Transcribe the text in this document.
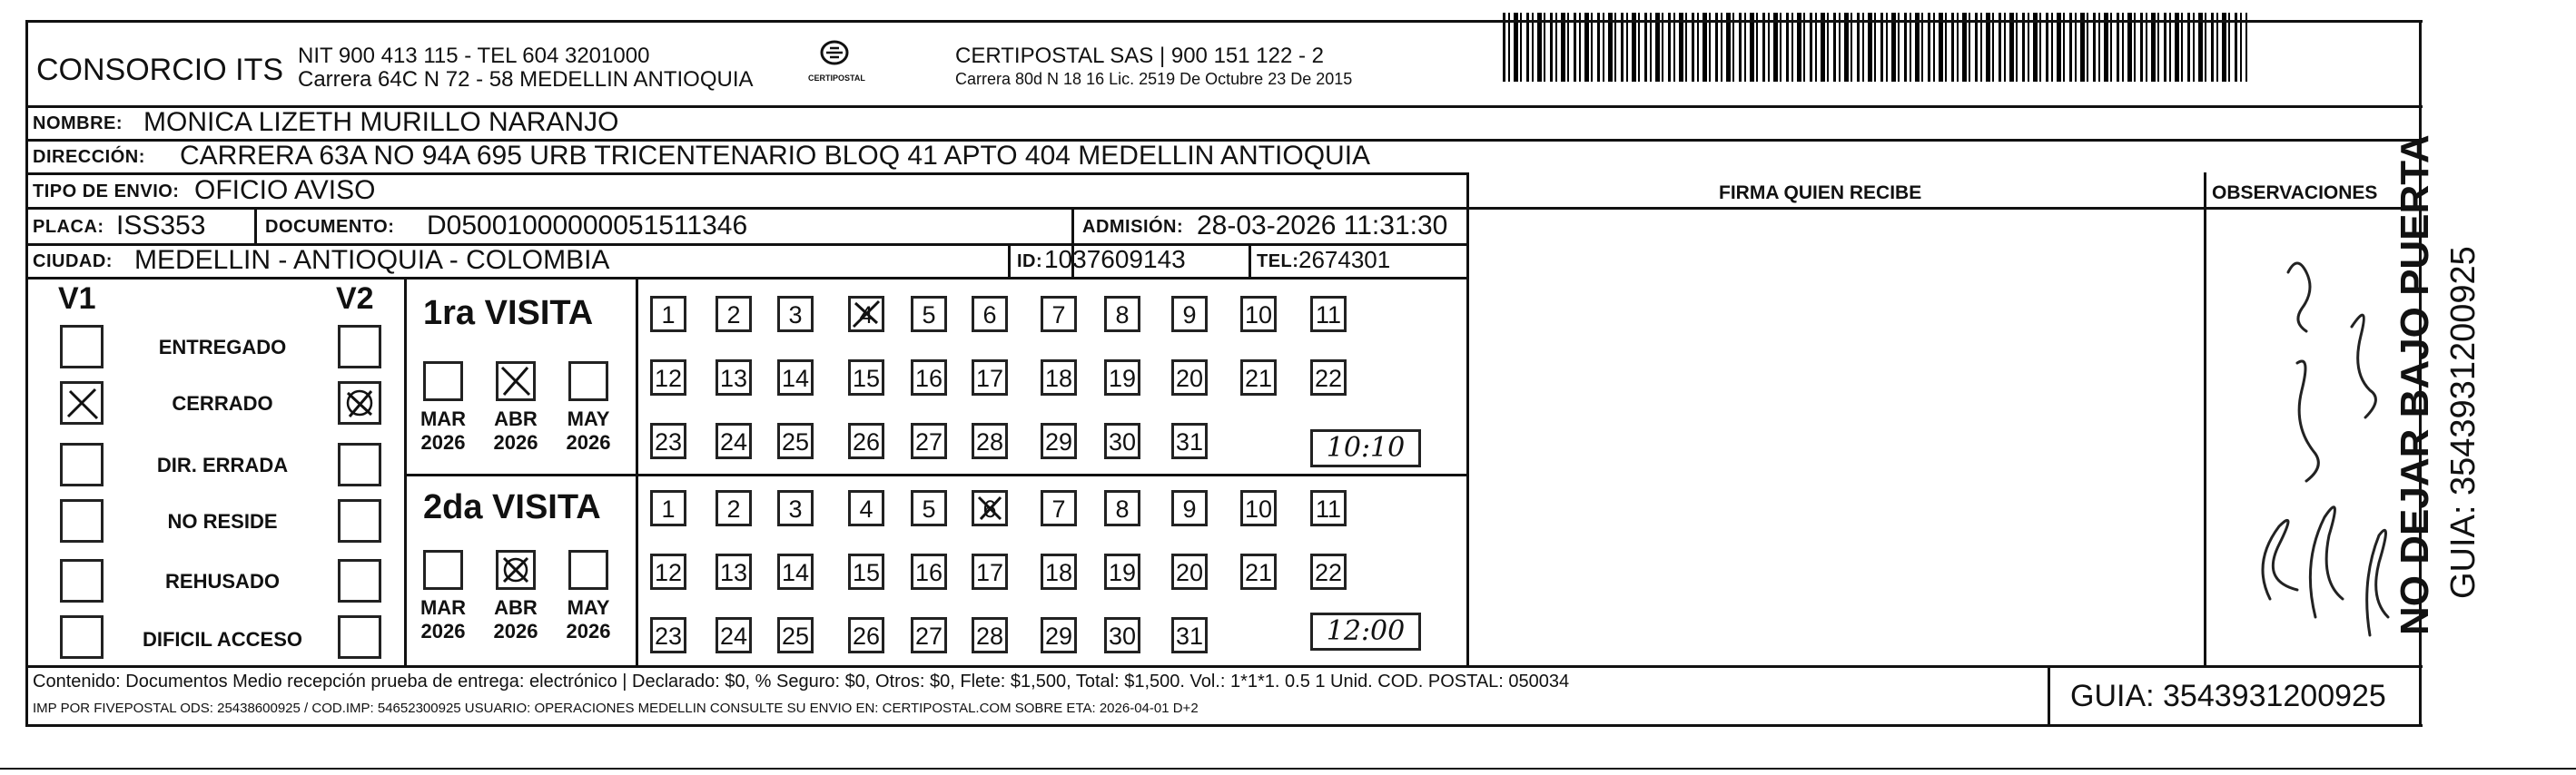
CONSORCIO ITS NIT 900 413 115 - TEL 604 3201000
Carrera 64C N 72 - 58 MEDELLIN ANTIOQUIA	CERTIPOSTAL
CERTIPOSTAL SAS | 900 151 122 - 2
Carrera 80d N 18 16 Lic. 2519 De Octubre 23 De 2015
NOMBRE: MONICA LIZETH MURILLO NARANJO
DIRECCIÓN: CARRERA 63A NO 94A 695 URB TRICENTENARIO BLOQ 41 APTO 404 MEDELLIN ANTIOQUIA
TIPO DE ENVIO: OFICIO AVISO
PLACA: ISS353	DOCUMENTO: D05001000000051511346	ADMISIÓN: 28-03-2026 11:31:30
CIUDAD: MEDELLIN - ANTIOQUIA - COLOMBIA	ID: 1037609143	TEL: 2674301
FIRMA QUIEN RECIBE	OBSERVACIONES
V1	V2
ENTREGADO
CERRADO
DIR. ERRADA
NO RESIDE
REHUSADO
DIFICIL ACCESO
1ra VISITA
2da VISITA
MAR ABR MAY
2026 2026 2026
MAR ABR MAY
2026 2026 2026
1	2	3	4	5	6	7	8	9	10 11
12 13 14 15 16 17 18 19 20 21 22
23 24 25 26 27 28 29 30 31
1	2	3	4	5	6	7	8	9	10 11
12 13 14 15 16 17 18 19 20 21 22
23 24 25 26 27 28 29 30 31
10:10
12:00	NO DEJAR BAJO PUERTA GUIA: 3543931200925
Contenido: Documentos Medio recepción prueba de entrega: electrónico | Declarado: $0, % Seguro: $0, Otros: $0, Flete: $1,500, Total: $1,500. Vol.: 1*1*1. 0.5 1 Unid. COD. POSTAL: 050034
IMP POR FIVEPOSTAL ODS: 25438600925 / COD.IMP: 54652300925 USUARIO: OPERACIONES MEDELLIN CONSULTE SU ENVIO EN: CERTIPOSTAL.COM SOBRE ETA: 2026-04-01 D+2	GUIA: 3543931200925
